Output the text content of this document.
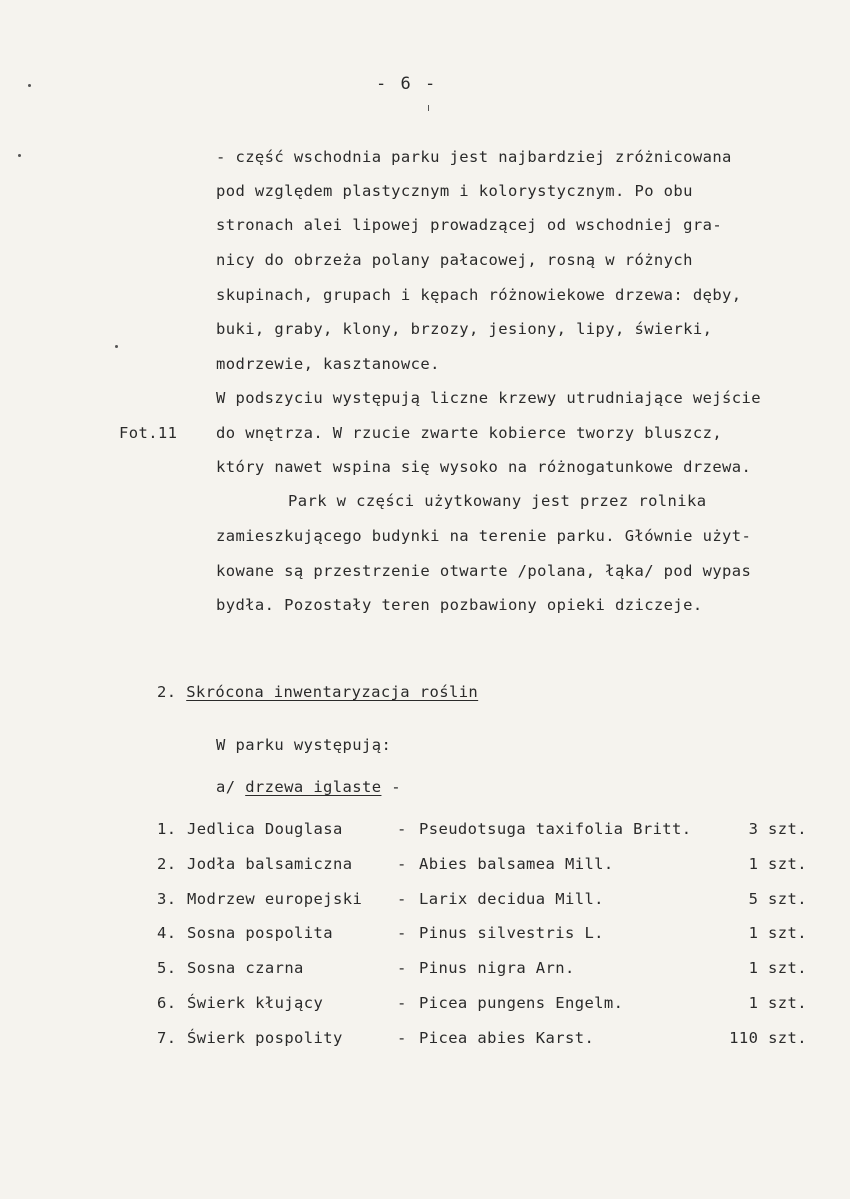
- 6 -
- część wschodnia parku jest najbardziej zróżnicowana
pod względem plastycznym i kolorystycznym. Po obu
stronach alei lipowej prowadzącej od wschodniej gra-
nicy do obrzeża polany pałacowej, rosną w różnych
skupinach, grupach i kępach różnowiekowe drzewa: dęby,
buki, graby, klony, brzozy, jesiony, lipy, świerki,
modrzewie, kasztanowce.
W podszyciu występują liczne krzewy utrudniające wejście
Fot.11 do wnętrza. W rzucie zwarte kobierce tworzy bluszcz,
który nawet wspina się wysoko na różnogatunkowe drzewa.
Park w części użytkowany jest przez rolnika
zamieszkującego budynki na terenie parku. Głównie użyt-
kowane są przestrzenie otwarte /polana, łąka/ pod wypas
bydła. Pozostały teren pozbawiony opieki dziczeje.
2. Skrócona inwentaryzacja roślin
W parku występują:
a/ drzewa iglaste -
1. Jedlica Douglasa	- Pseudotsuga taxifolia Britt.	3 szt.
2. Jodła balsamiczna	- Abies balsamea Mill.	1 szt.
3. Modrzew europejski - Larix decidua Mill.	5 szt.
4. Sosna pospolita	- Pinus silvestris L.	1 szt.
5. Sosna czarna	- Pinus nigra Arn.	1 szt.
6. Świerk kłujący	- Picea pungens Engelm.	1 szt.
7. Świerk pospolity	- Picea abies Karst.	110 szt.
